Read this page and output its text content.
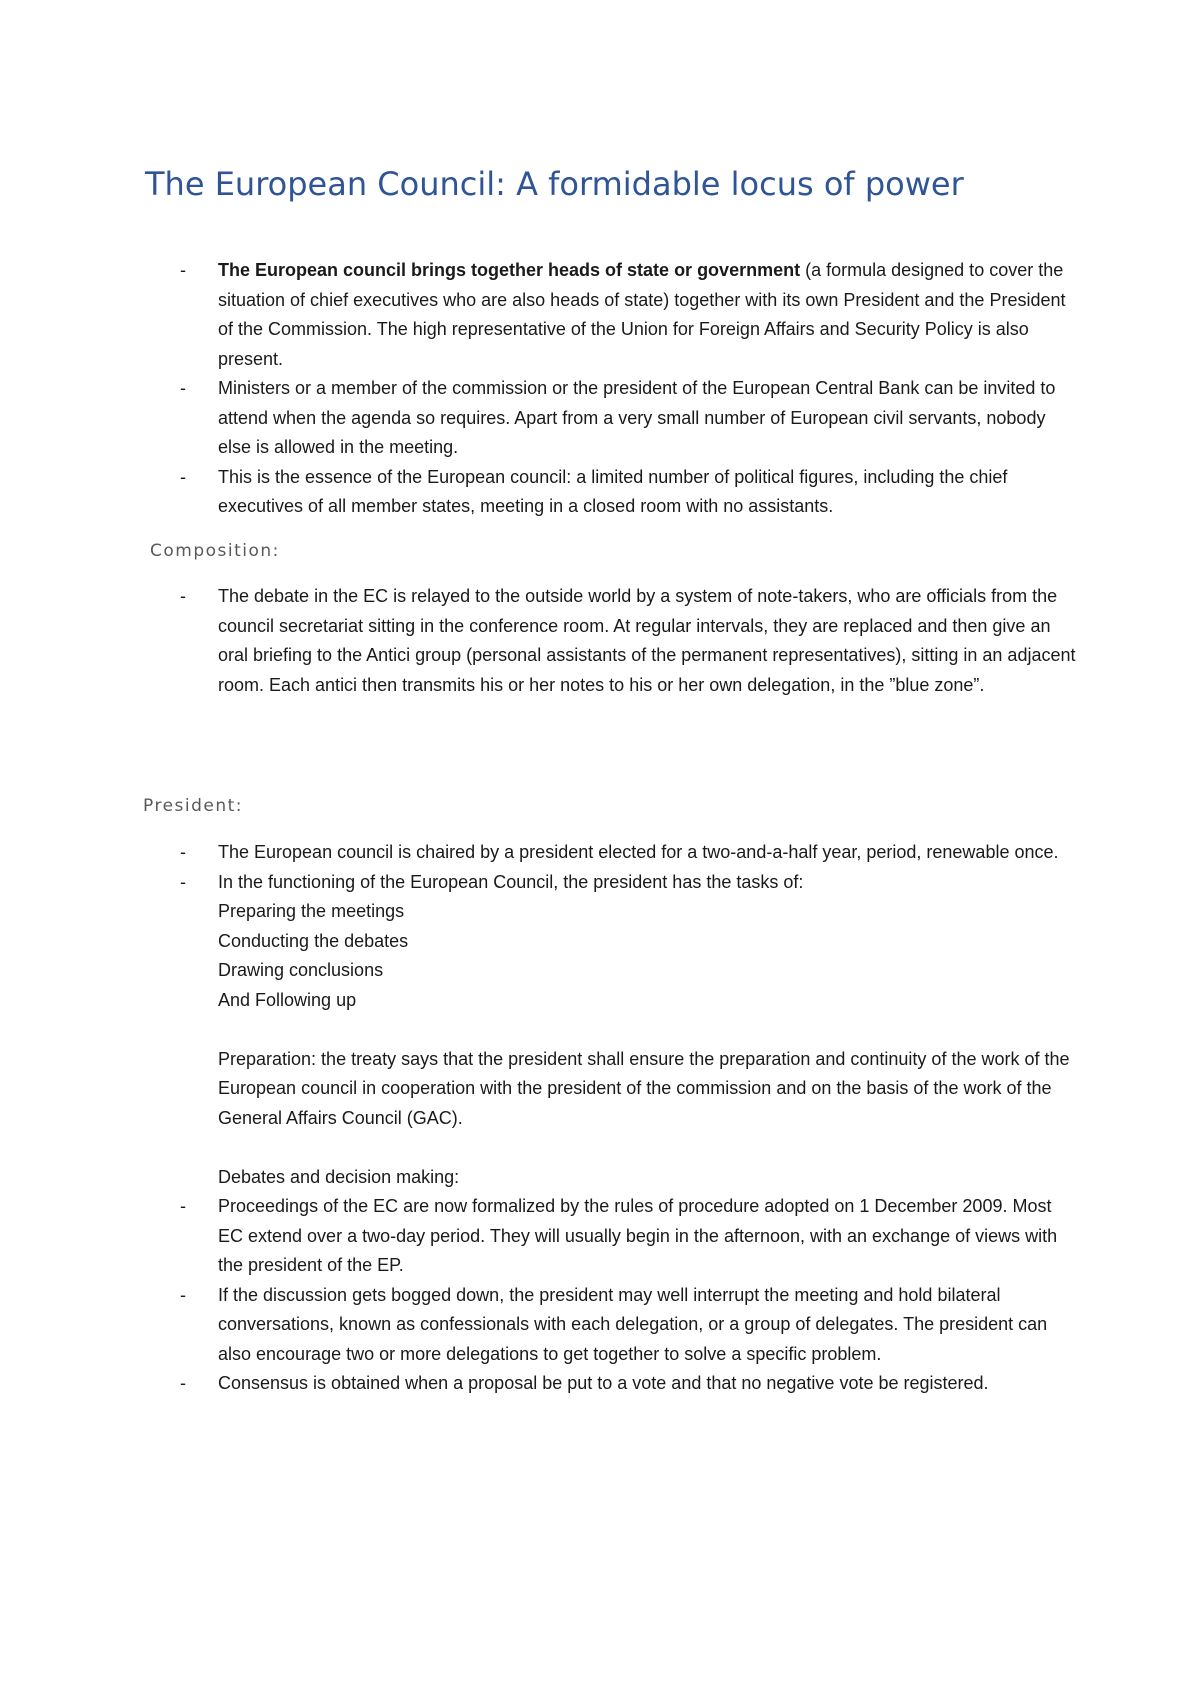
The European Council: A formidable locus of power
- The European council brings together heads of state or government (a formula designed to cover the situation of chief executives who are also heads of state) together with its own President and the President of the Commission. The high representative of the Union for Foreign Affairs and Security Policy is also present.
- Ministers or a member of the commission or the president of the European Central Bank can be invited to attend when the agenda so requires. Apart from a very small number of European civil servants, nobody else is allowed in the meeting.
- This is the essence of the European council: a limited number of political figures, including the chief executives of all member states, meeting in a closed room with no assistants.
Composition:
- The debate in the EC is relayed to the outside world by a system of note-takers, who are officials from the council secretariat sitting in the conference room. At regular intervals, they are replaced and then give an oral briefing to the Antici group (personal assistants of the permanent representatives), sitting in an adjacent room. Each antici then transmits his or her notes to his or her own delegation, in the ”blue zone”.
President:
- The European council is chaired by a president elected for a two-and-a-half year, period, renewable once.
- In the functioning of the European Council, the president has the tasks of:
Preparing the meetings
Conducting the debates
Drawing conclusions
And Following up
Preparation: the treaty says that the president shall ensure the preparation and continuity of the work of the European council in cooperation with the president of the commission and on the basis of the work of the General Affairs Council (GAC).
Debates and decision making:
- Proceedings of the EC are now formalized by the rules of procedure adopted on 1 December 2009. Most EC extend over a two-day period. They will usually begin in the afternoon, with an exchange of views with the president of the EP.
- If the discussion gets bogged down, the president may well interrupt the meeting and hold bilateral conversations, known as confessionals with each delegation, or a group of delegates. The president can also encourage two or more delegations to get together to solve a specific problem.
- Consensus is obtained when a proposal be put to a vote and that no negative vote be registered.
